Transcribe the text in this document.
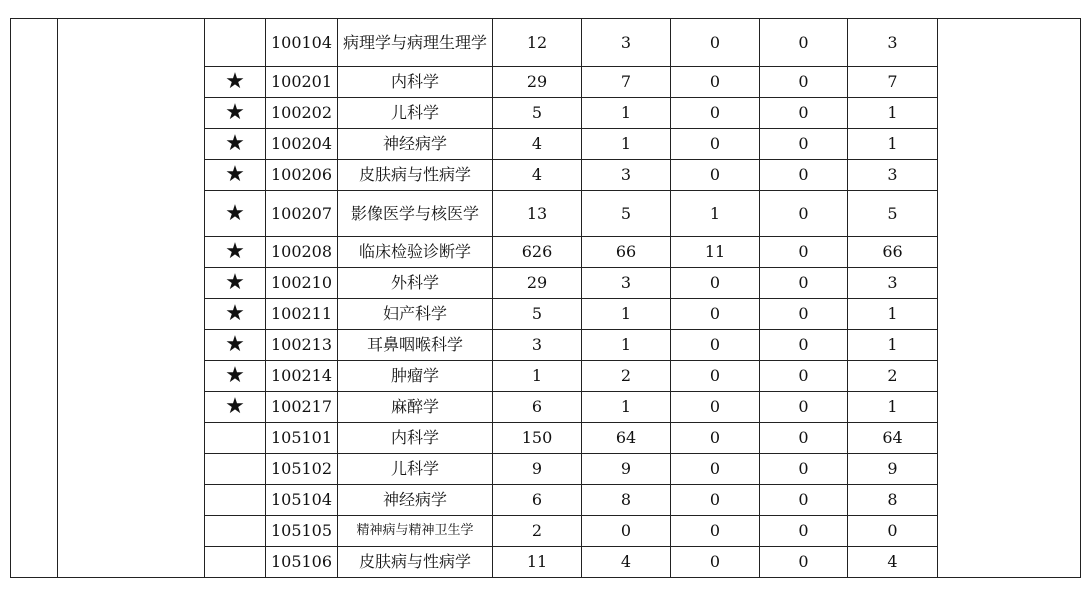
			100104	病理学与病理生理学	12	3	0	0	3	
		★	100201	内科学	29	7	0	0	7	
		★	100202	儿科学	5	1	0	0	1	
		★	100204	神经病学	4	1	0	0	1	
		★	100206	皮肤病与性病学	4	3	0	0	3	
		★	100207	影像医学与核医学	13	5	1	0	5	
		★	100208	临床检验诊断学	626	66	11	0	66	
		★	100210	外科学	29	3	0	0	3	
		★	100211	妇产科学	5	1	0	0	1	
		★	100213	耳鼻咽喉科学	3	1	0	0	1	
		★	100214	肿瘤学	1	2	0	0	2	
		★	100217	麻醉学	6	1	0	0	1	
			105101	内科学	150	64	0	0	64	
			105102	儿科学	9	9	0	0	9	
			105104	神经病学	6	8	0	0	8	
			105105	精神病与精神卫生学	2	0	0	0	0	
			105106	皮肤病与性病学	11	4	0	0	4	
